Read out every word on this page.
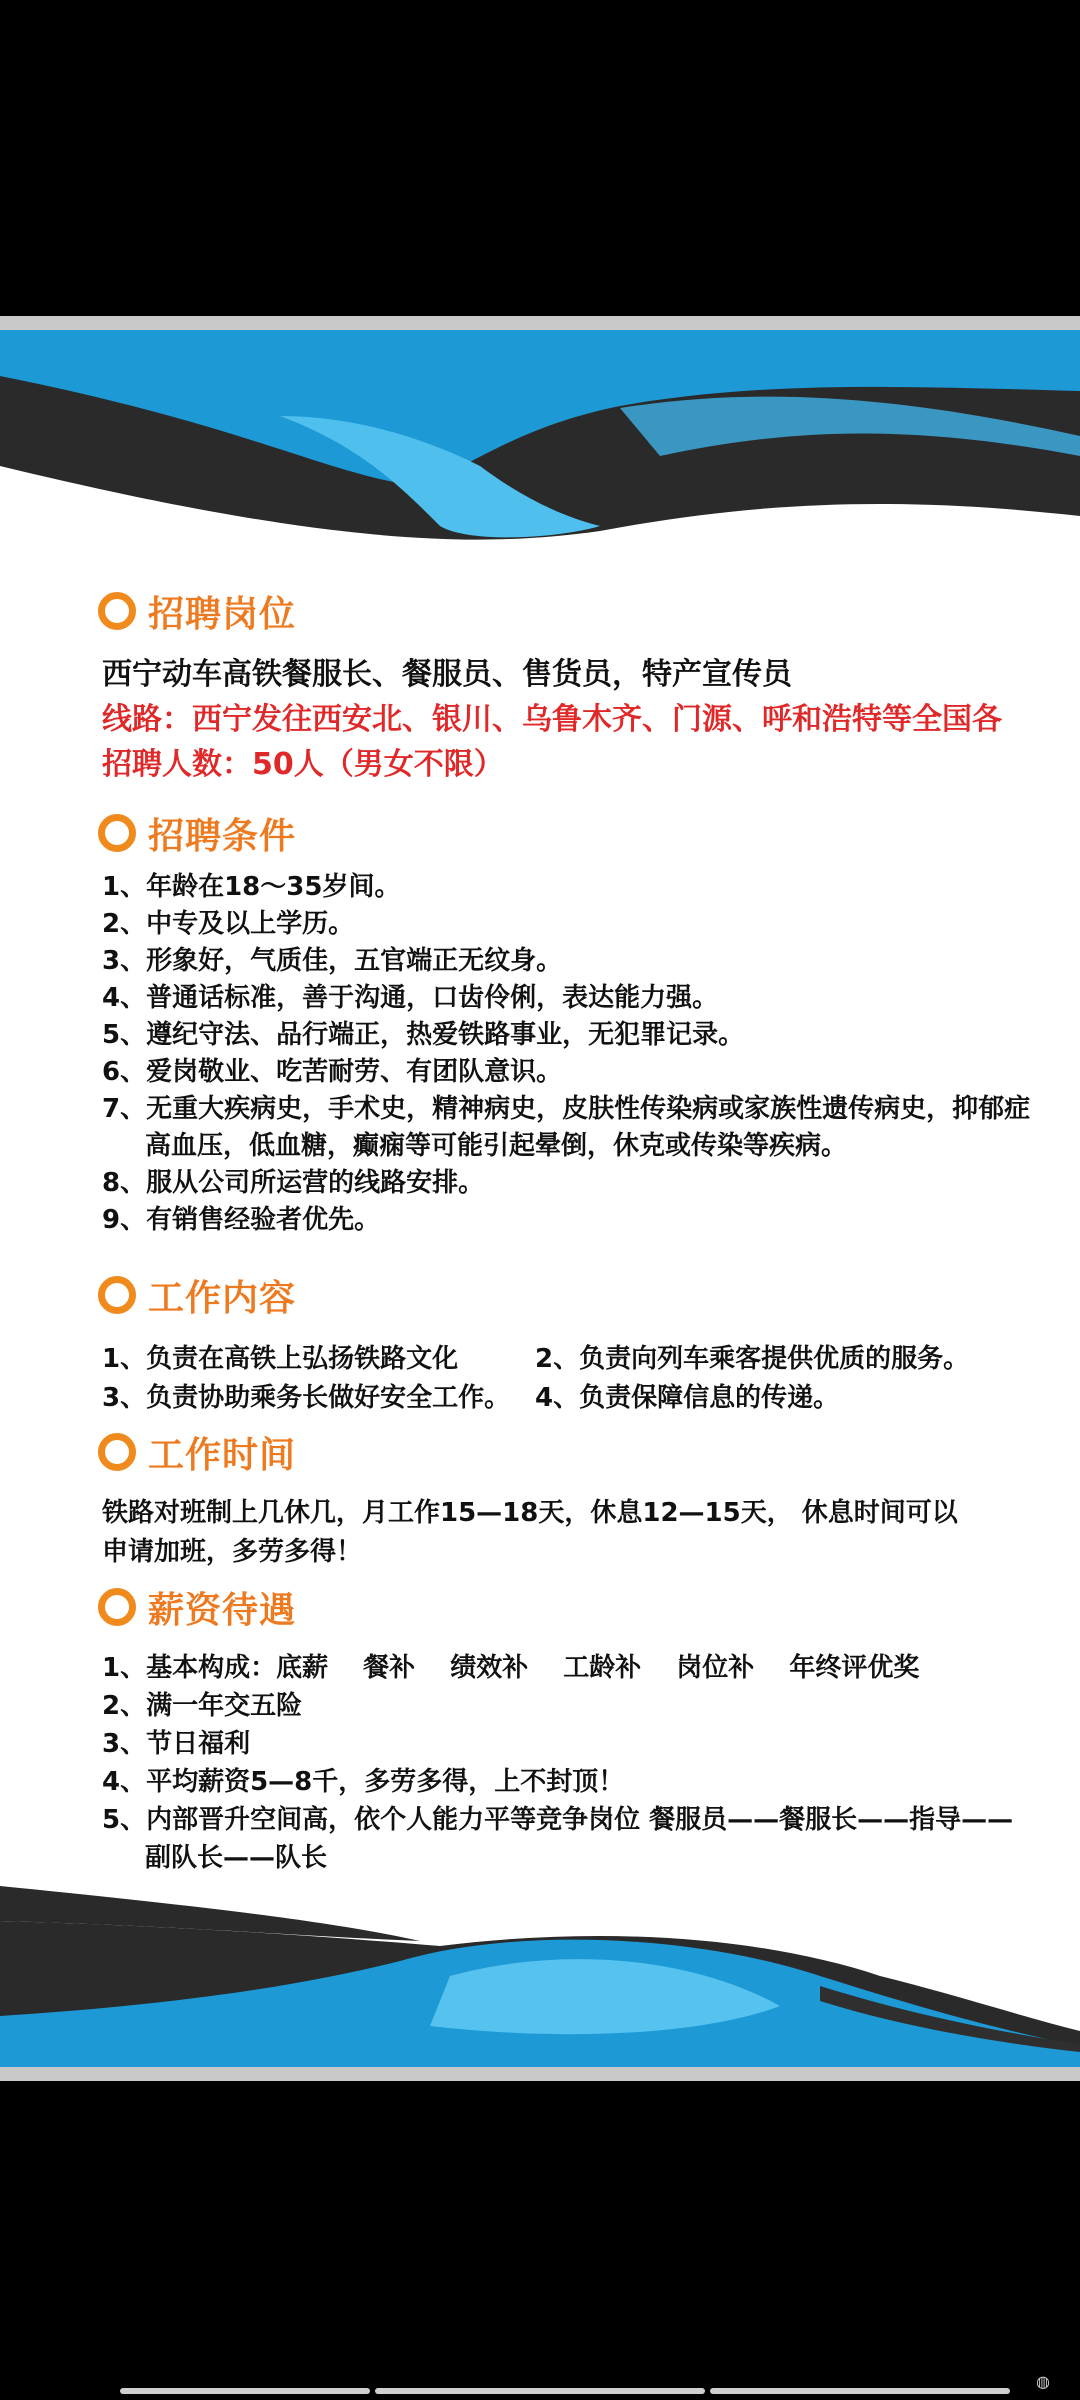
招聘岗位
西宁动车高铁餐服长、餐服员、售货员，特产宣传员
线路：西宁发往西安北、银川、乌鲁木齐、门源、呼和浩特等全国各
招聘人数：50人（男女不限）
招聘条件
1、年龄在18～35岁间。
2、中专及以上学历。
3、形象好，气质佳，五官端正无纹身。
4、普通话标准，善于沟通，口齿伶俐，表达能力强。
5、遵纪守法、品行端正，热爱铁路事业，无犯罪记录。
6、爱岗敬业、吃苦耐劳、有团队意识。
7、无重大疾病史，手术史，精神病史，皮肤性传染病或家族性遗传病史，抑郁症
高血压，低血糖，癫痫等可能引起晕倒，休克或传染等疾病。
8、服从公司所运营的线路安排。
9、有销售经验者优先。
工作内容
1、负责在高铁上弘扬铁路文化	2、负责向列车乘客提供优质的服务。
3、负责协助乘务长做好安全工作。 4、负责保障信息的传递。
工作时间
铁路对班制上几休几，月工作15—18天，休息12—15天， 休息时间可以
申请加班，多劳多得！
薪资待遇
1、基本构成：底薪　 餐补　 绩效补　 工龄补　 岗位补　 年终评优奖
2、满一年交五险
3、节日福利
4、平均薪资5—8千，多劳多得，上不封顶！
5、内部晋升空间高，依个人能力平等竞争岗位 餐服员——餐服长——指导——
副队长——队长
◍
